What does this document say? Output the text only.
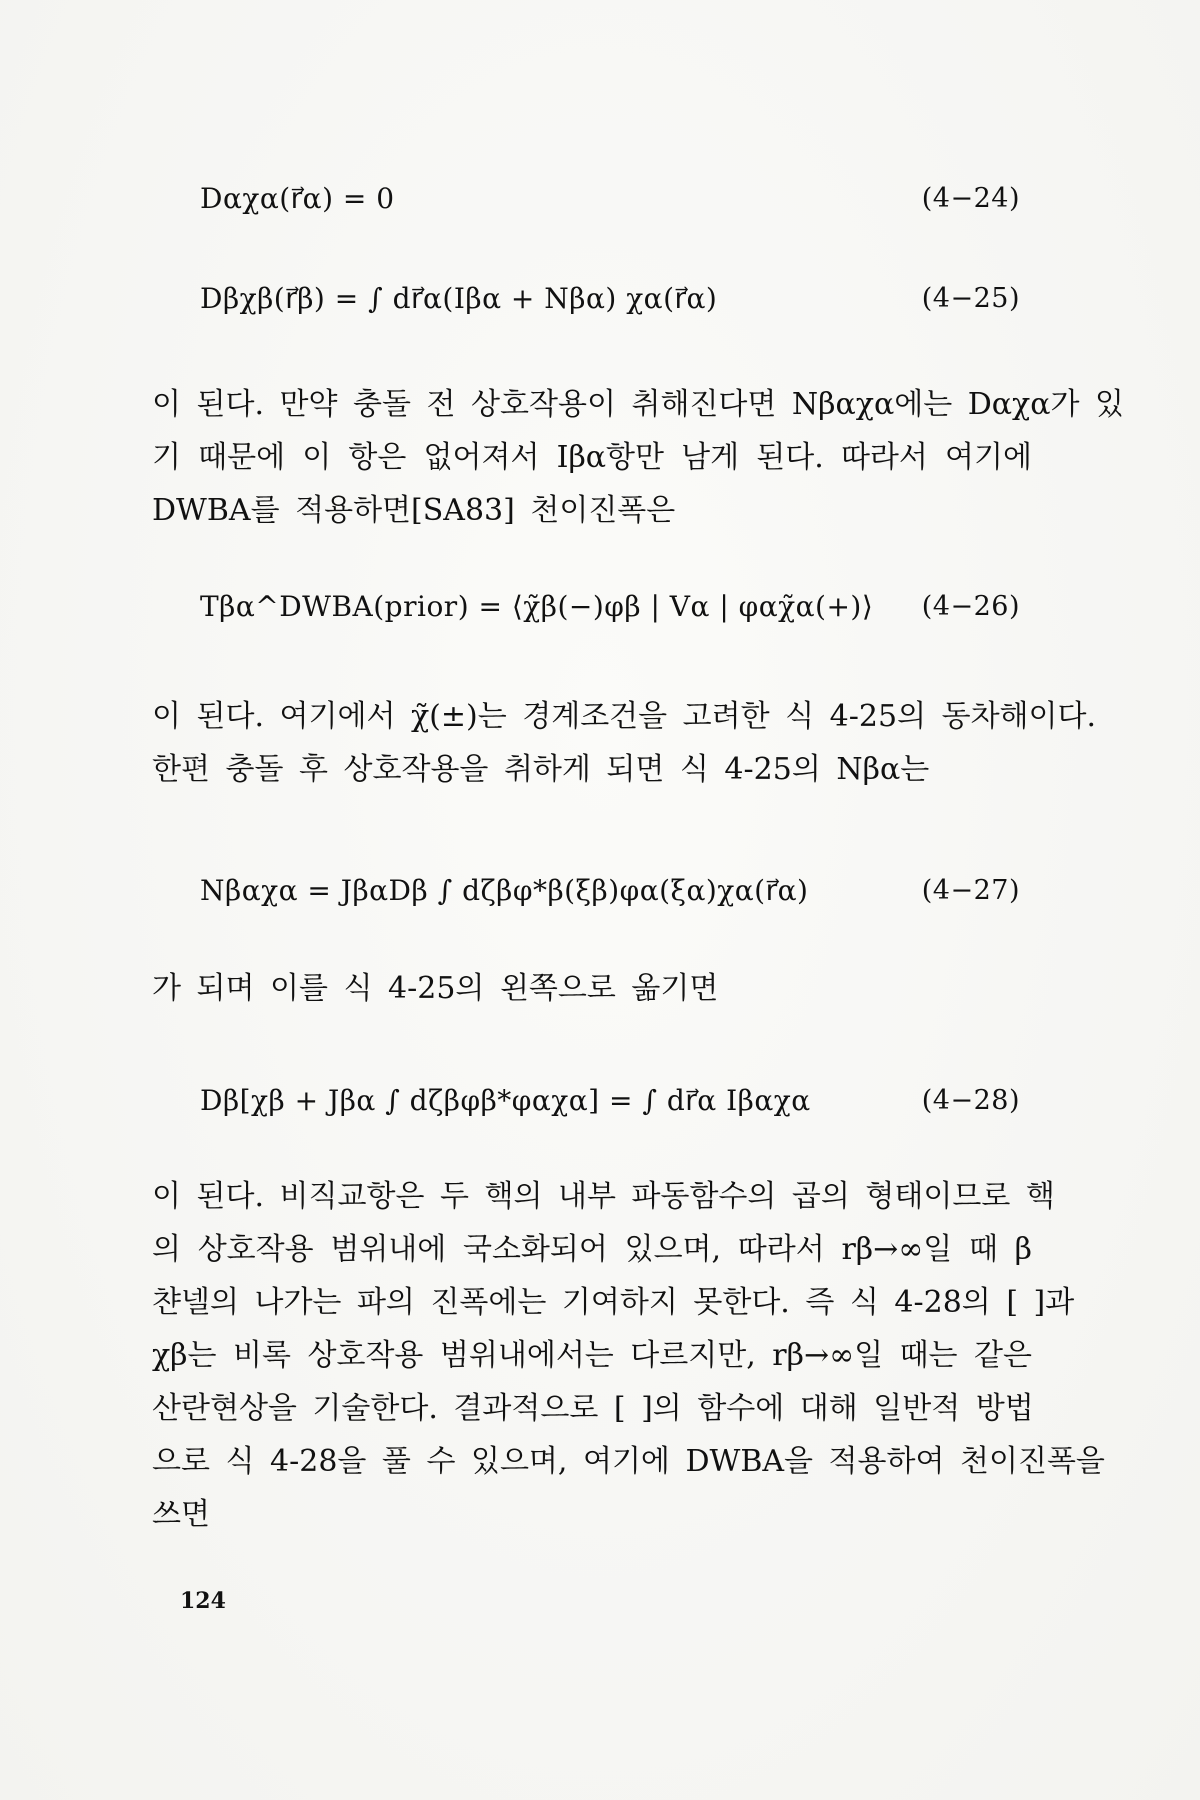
Dαχα(r⃗α) = 0	(4−24)
Dβχβ(r⃗β) = ∫ dr⃗α(Iβα + Nβα) χα(r⃗α)	(4−25)
이 된다. 만약 충돌 전 상호작용이 취해진다면 Nβαχα에는 Dαχα가 있
기 때문에 이 항은 없어져서 Iβα항만 남게 된다. 따라서 여기에
DWBA를 적용하면[SA83] 천이진폭은
Tβα^DWBA(prior) = ⟨χ̃β(−)φβ | Vα | φαχ̃α(+)⟩ (4−26)
이 된다. 여기에서 χ̃(±)는 경계조건을 고려한 식 4-25의 동차해이다.
한편 충돌 후 상호작용을 취하게 되면 식 4-25의 Nβα는
Nβαχα = JβαDβ ∫ dζβφ*β(ξβ)φα(ξα)χα(r⃗α)	(4−27)
가 되며 이를 식 4-25의 왼쪽으로 옮기면
Dβ[χβ + Jβα ∫ dζβφβ*φαχα] = ∫ dr⃗α Iβαχα	(4−28)
이 된다. 비직교항은 두 핵의 내부 파동함수의 곱의 형태이므로 핵
의 상호작용 범위내에 국소화되어 있으며, 따라서 rβ→∞일 때 β
챤넬의 나가는 파의 진폭에는 기여하지 못한다. 즉 식 4-28의 [ ]과
χβ는 비록 상호작용 범위내에서는 다르지만, rβ→∞일 때는 같은
산란현상을 기술한다. 결과적으로 [ ]의 함수에 대해 일반적 방법
으로 식 4-28을 풀 수 있으며, 여기에 DWBA을 적용하여 천이진폭을
쓰면
124
